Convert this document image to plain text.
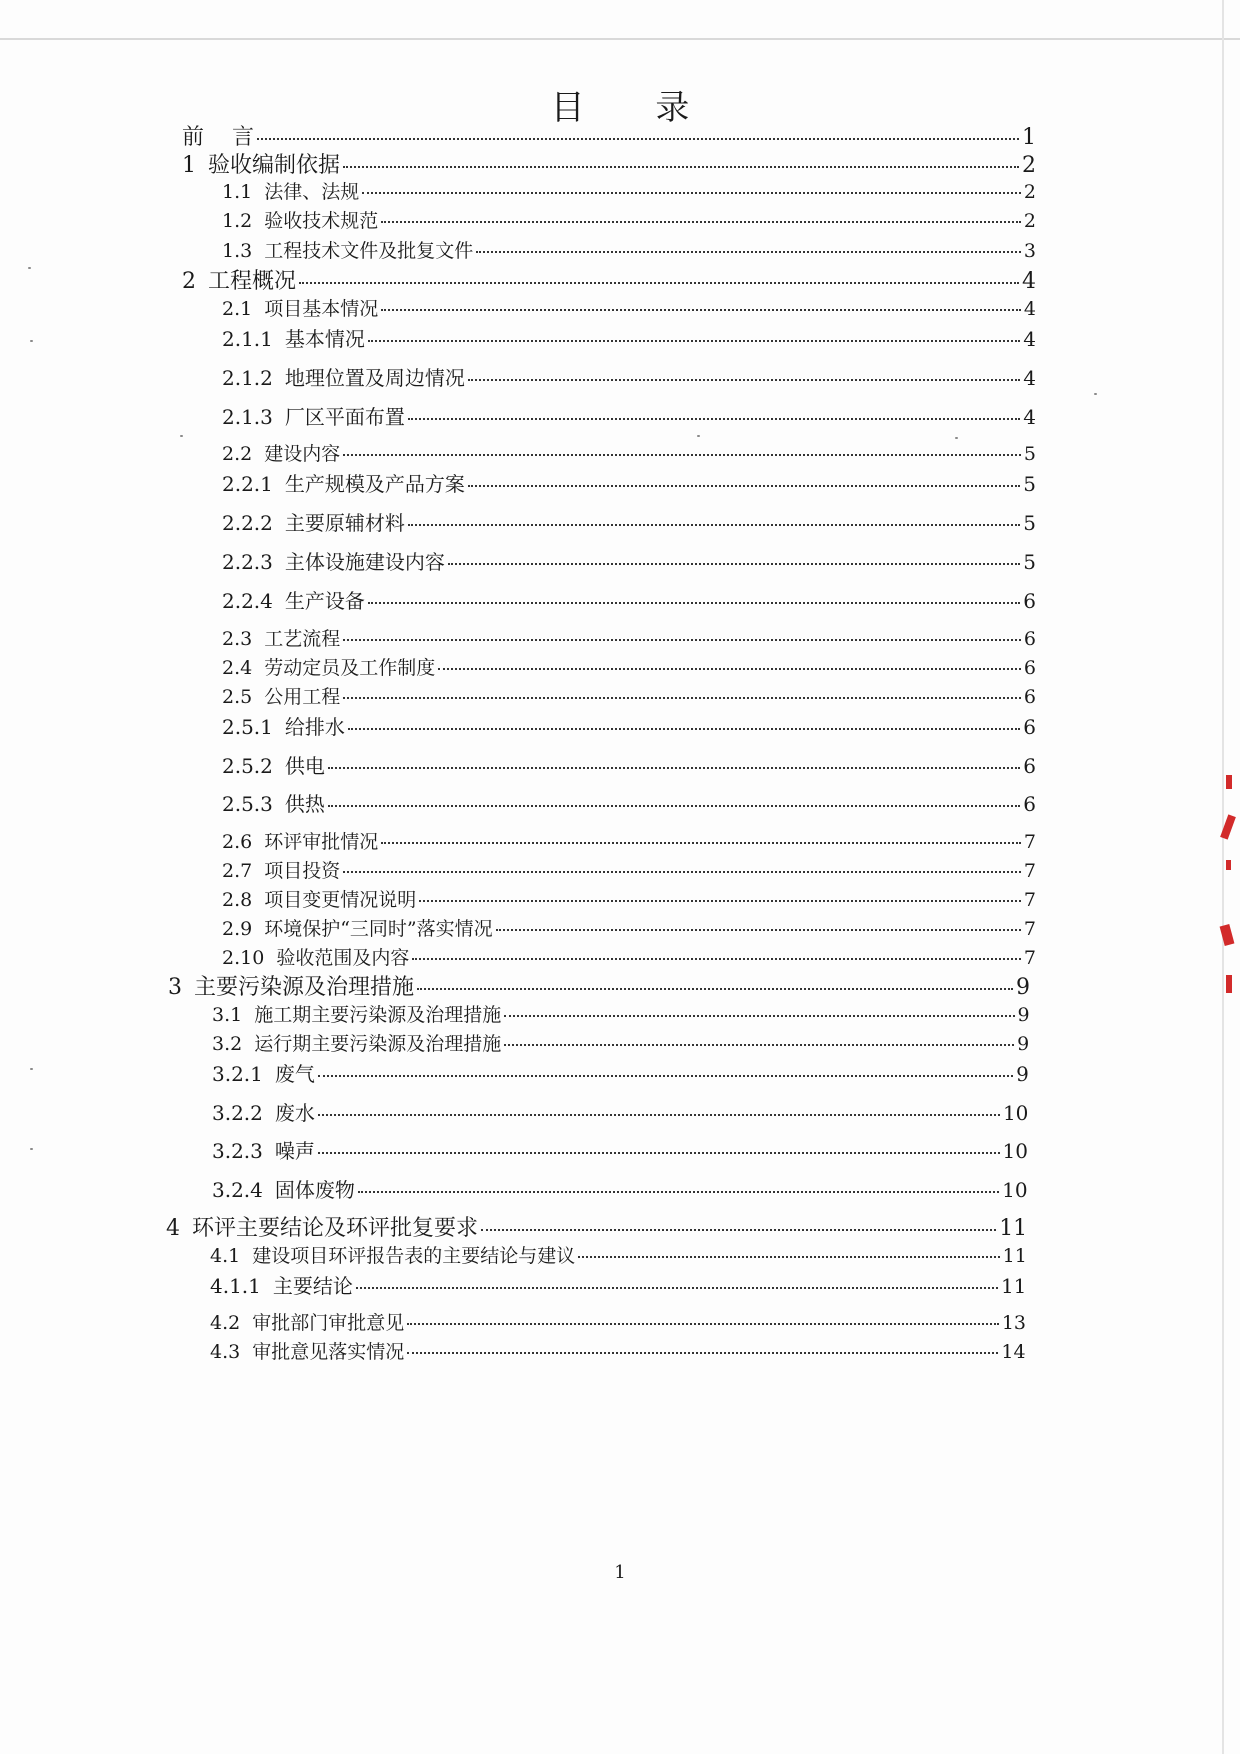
目 录
前 言	1
1 验收编制依据	2
1.1 法律、法规	2
1.2 验收技术规范	2
1.3 工程技术文件及批复文件	3
2 工程概况	4
2.1 项目基本情况	4
2.1.1 基本情况	4
2.1.2 地理位置及周边情况	4
2.1.3 厂区平面布置	4
2.2 建设内容	5
2.2.1 生产规模及产品方案	5
2.2.2 主要原辅材料	5
2.2.3 主体设施建设内容	5
2.2.4 生产设备	6
2.3 工艺流程	6
2.4 劳动定员及工作制度	6
2.5 公用工程	6
2.5.1 给排水	6
2.5.2 供电	6
2.5.3 供热	6
2.6 环评审批情况	7
2.7 项目投资	7
2.8 项目变更情况说明	7
2.9 环境保护“三同时”落实情况	7
2.10 验收范围及内容	7
3 主要污染源及治理措施	9
3.1 施工期主要污染源及治理措施	9
3.2 运行期主要污染源及治理措施	9
3.2.1 废气	9
3.2.2 废水	10
3.2.3 噪声	10
3.2.4 固体废物	10
4 环评主要结论及环评批复要求	11
4.1 建设项目环评报告表的主要结论与建议	11
4.1.1 主要结论	11
4.2 审批部门审批意见	13
4.3 审批意见落实情况	14
1
